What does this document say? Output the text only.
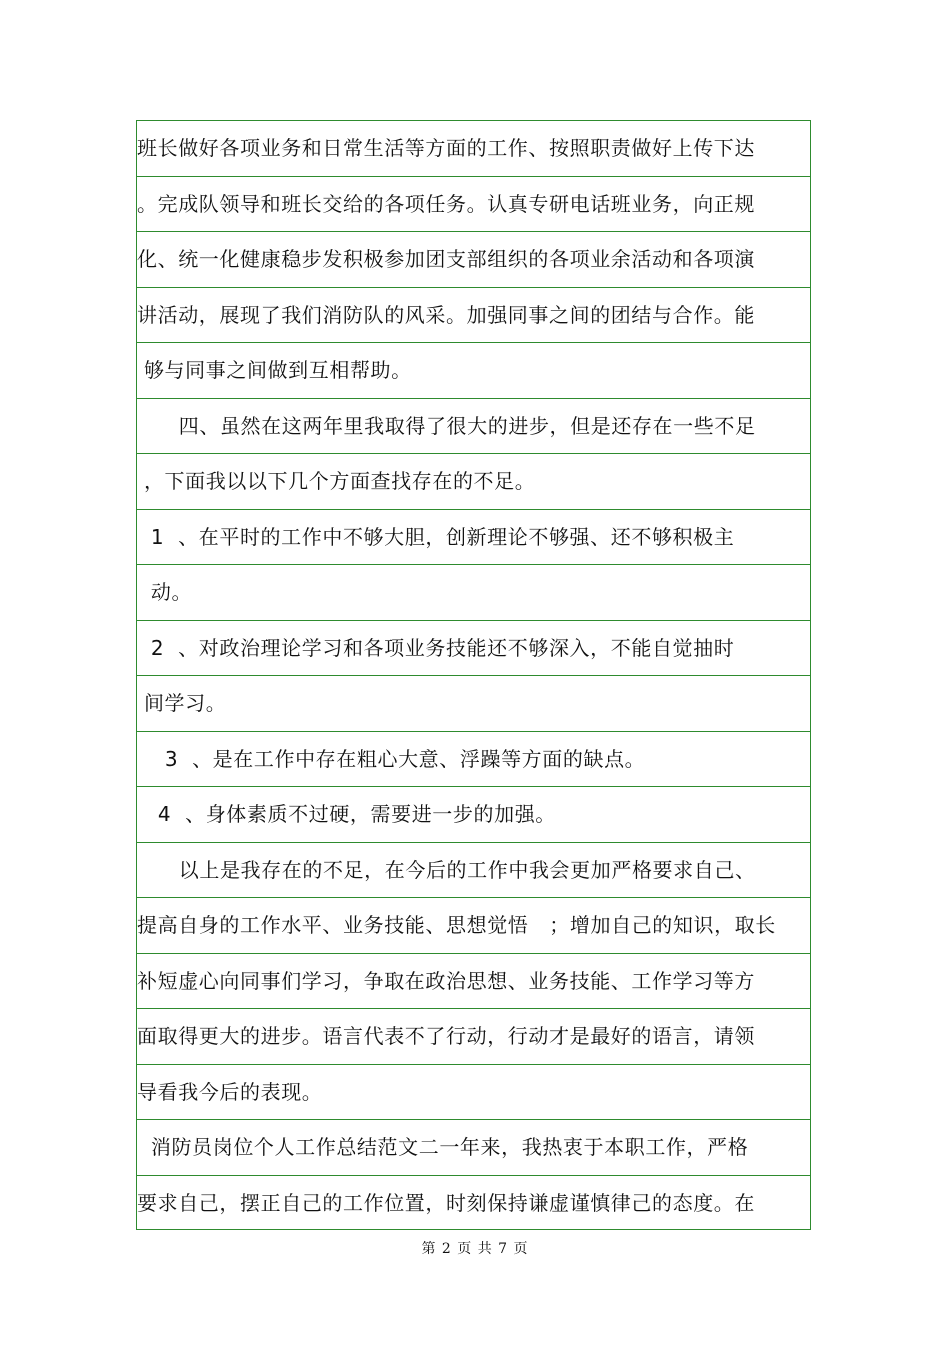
班长做好各项业务和日常生活等方面的工作、按照职责做好上传下达
。完成队领导和班长交给的各项任务。认真专研电话班业务，向正规
化、统一化健康稳步发积极参加团支部组织的各项业余活动和各项演
讲活动，展现了我们消防队的风采。加强同事之间的团结与合作。能
够与同事之间做到互相帮助。
四、虽然在这两年里我取得了很大的进步，但是还存在一些不足
，下面我以以下几个方面查找存在的不足。
1  、在平时的工作中不够大胆，创新理论不够强、还不够积极主
动。
2  、对政治理论学习和各项业务技能还不够深入，不能自觉抽时
间学习。
3  、是在工作中存在粗心大意、浮躁等方面的缺点。
4  、身体素质不过硬，需要进一步的加强。
以上是我存在的不足，在今后的工作中我会更加严格要求自己、
提高自身的工作水平、业务技能、思想觉悟   ；增加自己的知识，取长
补短虚心向同事们学习，争取在政治思想、业务技能、工作学习等方
面取得更大的进步。语言代表不了行动，行动才是最好的语言，请领
导看我今后的表现。
消防员岗位个人工作总结范文二一年来，我热衷于本职工作，严格
要求自己，摆正自己的工作位置，时刻保持谦虚谨慎律己的态度。在
第 2 页 共 7 页
